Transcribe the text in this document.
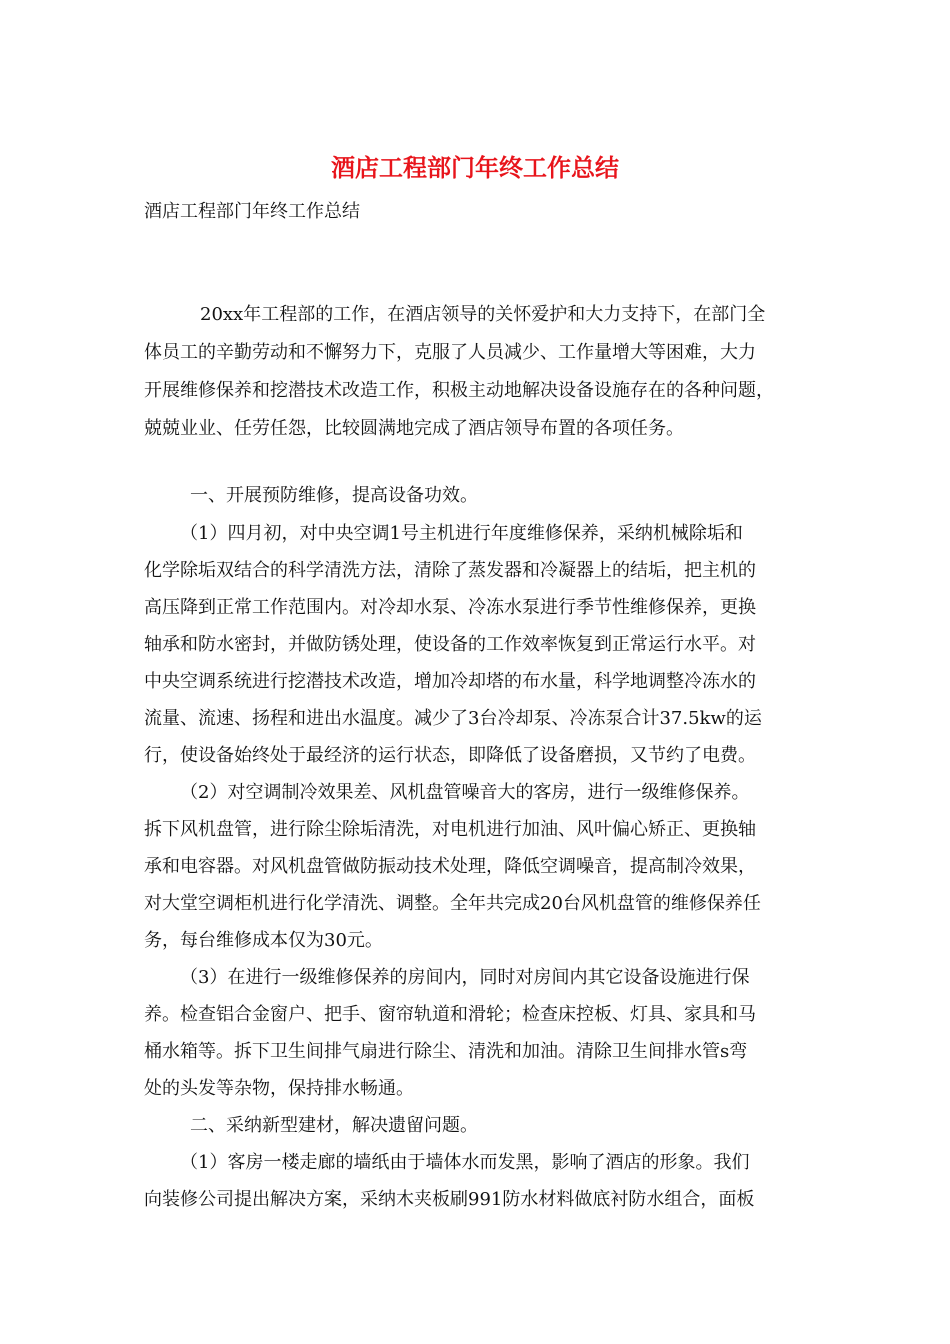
酒店工程部门年终工作总结
酒店工程部门年终工作总结
20xx年工程部的工作，在酒店领导的关怀爱护和大力支持下，在部门全
体员工的辛勤劳动和不懈努力下，克服了人员减少、工作量增大等困难，大力
开展维修保养和挖潜技术改造工作，积极主动地解决设备设施存在的各种问题，
兢兢业业、任劳任怨，比较圆满地完成了酒店领导布置的各项任务。
一、开展预防维修，提高设备功效。
（1）四月初，对中央空调1号主机进行年度维修保养，采纳机械除垢和
化学除垢双结合的科学清洗方法，清除了蒸发器和冷凝器上的结垢，把主机的
高压降到正常工作范围内。对冷却水泵、冷冻水泵进行季节性维修保养，更换
轴承和防水密封，并做防锈处理，使设备的工作效率恢复到正常运行水平。对
中央空调系统进行挖潜技术改造，增加冷却塔的布水量，科学地调整冷冻水的
流量、流速、扬程和进出水温度。减少了3台冷却泵、冷冻泵合计37.5kw的运
行，使设备始终处于最经济的运行状态，即降低了设备磨损，又节约了电费。
（2）对空调制冷效果差、风机盘管噪音大的客房，进行一级维修保养。
拆下风机盘管，进行除尘除垢清洗，对电机进行加油、风叶偏心矫正、更换轴
承和电容器。对风机盘管做防振动技术处理，降低空调噪音，提高制冷效果，
对大堂空调柜机进行化学清洗、调整。全年共完成20台风机盘管的维修保养任
务，每台维修成本仅为30元。
（3）在进行一级维修保养的房间内，同时对房间内其它设备设施进行保
养。检查铝合金窗户、把手、窗帘轨道和滑轮；检查床控板、灯具、家具和马
桶水箱等。拆下卫生间排气扇进行除尘、清洗和加油。清除卫生间排水管s弯
处的头发等杂物，保持排水畅通。
二、采纳新型建材，解决遗留问题。
（1）客房一楼走廊的墙纸由于墙体水而发黑，影响了酒店的形象。我们
向装修公司提出解决方案，采纳木夹板刷991防水材料做底衬防水组合，面板
